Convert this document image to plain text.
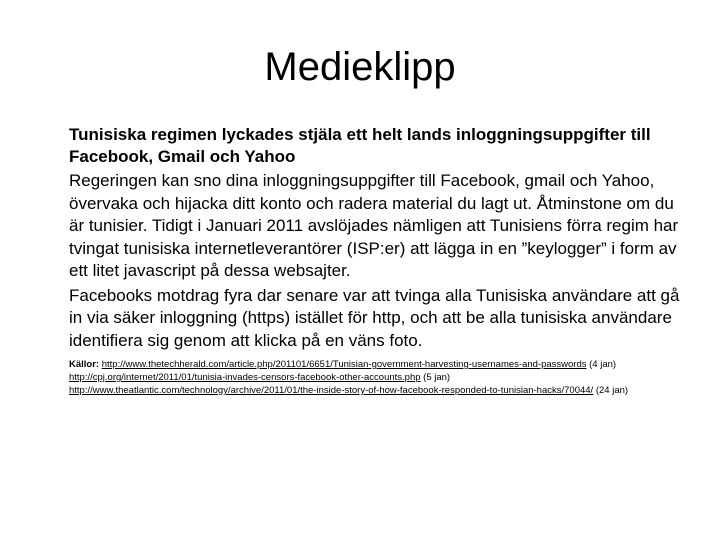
Medieklipp

Tunisiska regimen lyckades stjäla ett helt lands inloggningsuppgifter till Facebook, Gmail och Yahoo

Regeringen kan sno dina inloggningsuppgifter till Facebook, gmail och Yahoo, övervaka och hijacka ditt konto och radera material du lagt ut. Åtminstone om du är tunisier. Tidigt i Januari 2011 avslöjades nämligen att Tunisiens förra regim har tvingat tunisiska internetleverantörer (ISP:er) att lägga in en ”keylogger” i form av ett litet javascript på dessa websajter.

Facebooks motdrag fyra dar senare var att tvinga alla Tunisiska användare att gå in via säker inloggning (https) istället för http, och att be alla tunisiska användare identifiera sig genom att klicka på en väns foto.

Källor: http://www.thetechherald.com/article.php/201101/6651/Tunisian-government-harvesting-usernames-and-passwords (4 jan)
http://cpj.org/internet/2011/01/tunisia-invades-censors-facebook-other-accounts.php (5 jan)
http://www.theatlantic.com/technology/archive/2011/01/the-inside-story-of-how-facebook-responded-to-tunisian-hacks/70044/ (24 jan)
